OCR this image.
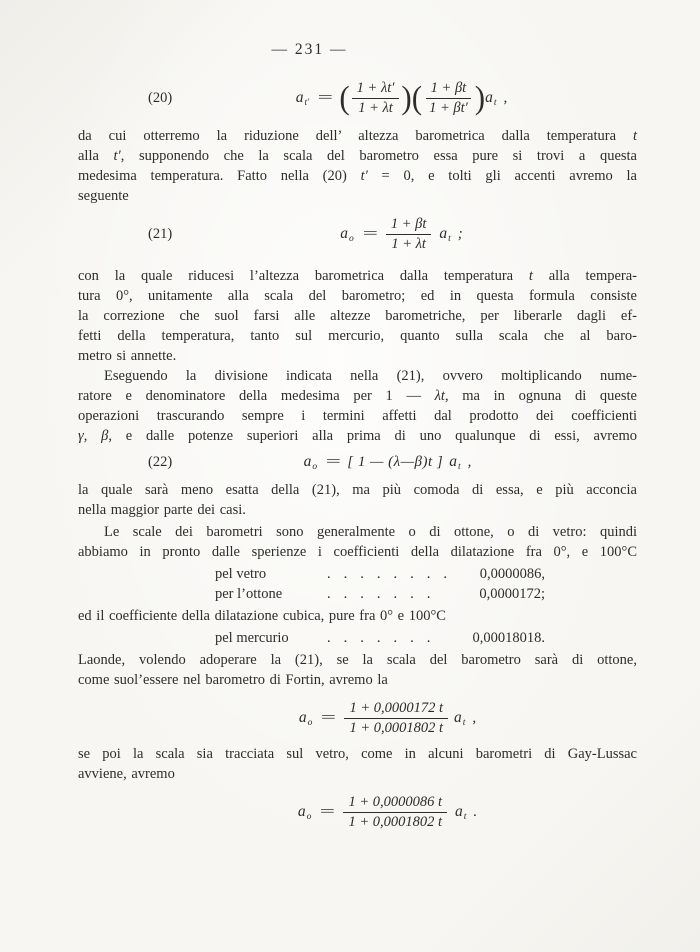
— 231 —
(20)	a t′ = ( $\frac{1 + \lambda t'}{1 + \lambda t}$ ) ( $\frac{1 + \beta t}{1 + \beta t'}$ ) a t ,
da cui otterremo la riduzione dell’ altezza barometrica dalla temperatura t
alla t′, supponendo che la scala del barometro essa pure si trovi a questa
medesima temperatura. Fatto nella (20) t′ = 0, e tolti gli accenti avremo la
seguente
(21)	a $o = \frac{1 + \beta t}{1 + \lambda t}$ a t ;
con la quale riducesi l’altezza barometrica dalla temperatura t alla tempera-
tura 0°, unitamente alla scala del barometro; ed in questa formula consiste
la correzione che suol farsi alle altezze barometriche, per liberarle dagli ef-
fetti della temperatura, tanto sul mercurio, quanto sulla scala che al baro-
metro si annette.
Eseguendo la divisione indicata nella (21), ovvero moltiplicando nume-
ratore e denominatore della medesima per 1 — λt, ma in ognuna di queste
operazioni trascurando sempre i termini affetti dal prodotto dei coefficienti
γ, β, e dalle potenze superiori alla prima di uno qualunque di essi, avremo
(22)	a o = [ 1 — (λ—β)t ] a t ,
la quale sarà meno esatta della (21), ma più comoda di essa, e più acconcia
nella maggior parte dei casi.
Le scale dei barometri sono generalmente o di ottone, o di vetro: quindi
abbiamo in pronto dalle sperienze i coefficienti della dilatazione fra 0°, e 100°C
pel vetro	........	0,0000086,
per l’ottone	.......	0,0000172;
ed il coefficiente della dilatazione cubica, pure fra 0° e 100°C
pel mercurio	.......	0,00018018.
Laonde, volendo adoperare la (21), se la scala del barometro sarà di ottone,
come suol’essere nel barometro di Fortin, avremo la
a $o = \frac{1 + 0,0000172 t}{1 + 0,0001802 t}$ a t ,
se poi la scala sia tracciata sul vetro, come in alcuni barometri di Gay-Lussac
avviene, avremo
a $o = \frac{1 + 0,0000086 t}{1 + 0,0001802 t}$ a t .
